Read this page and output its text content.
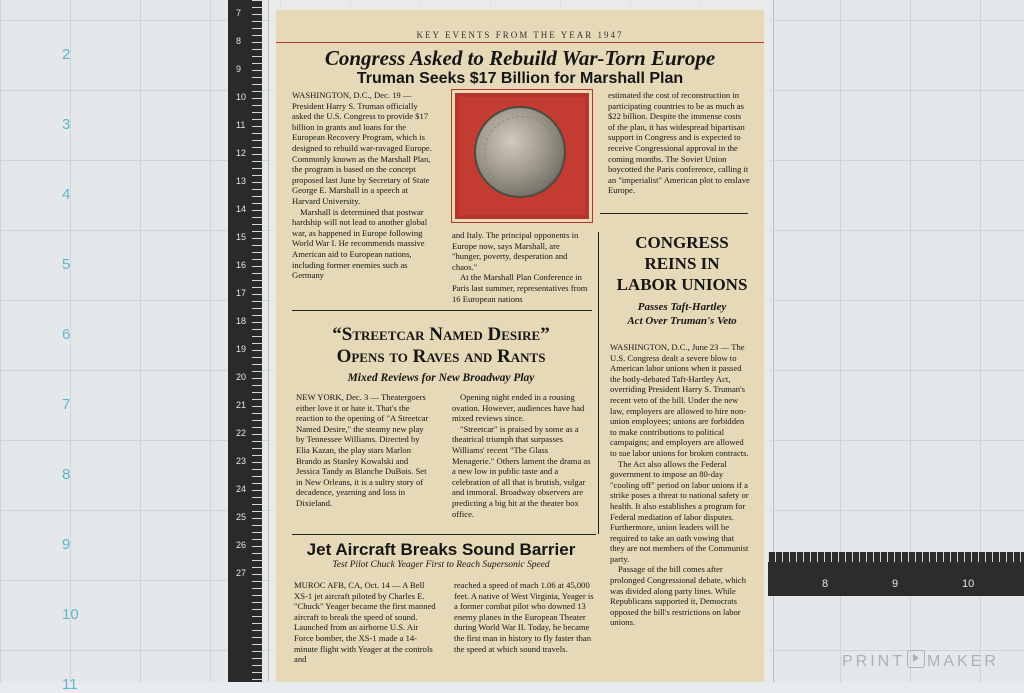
2
3
4
5
6
7
8
9
10
11
7
8
9
10
11
12
13
14
15
16
17
18
19
20
21
22
23
24
25
26
27
KEY EVENTS FROM THE YEAR 1947
Congress Asked to Rebuild War-Torn Europe
Truman Seeks $17 Billion for Marshall Plan

WASHINGTON, D.C., Dec. 19 — President Harry S. Truman officially asked the U.S. Congress to provide $17 billion in grants and loans for the European Recovery Program, which is designed to rebuild war-ravaged Europe. Commonly known as the Marshall Plan, the program is based on the concept proposed last June by Secretary of State George E. Marshall in a speech at Harvard University.

Marshall is determined that postwar hardship will not lead to another global war, as happened in Europe following World War I. He recommends massive American aid to European nations, including former enemies such as Germany

and Italy. The principal opponents in Europe now, says Marshall, are "hunger, poverty, desperation and chaos."

At the Marshall Plan Conference in Paris last summer, representatives from 16 European nations

estimated the cost of reconstruction in participating countries to be as much as $22 billion. Despite the immense costs of the plan, it has widespread bipartisan support in Congress and is expected to receive Congressional approval in the coming months. The Soviet Union boycotted the Paris conference, calling it an "imperialist" American plot to enslave Europe.

“Streetcar Named Desire”
Opens to Raves and Rants
Mixed Reviews for New Broadway Play

NEW YORK, Dec. 3 — Theatergoers either love it or hate it. That's the reaction to the opening of "A Streetcar Named Desire," the steamy new play by Tennessee Williams. Directed by Elia Kazan, the play stars Marlon Brando as Stanley Kowalski and Jessica Tandy as Blanche DuBois. Set in New Orleans, it is a sultry story of decadence, yearning and loss in Dixieland.

Opening night ended in a rousing ovation. However, audiences have had mixed reviews since.

"Streetcar" is praised by some as a theatrical triumph that surpasses Williams' recent "The Glass Menagerie." Others lament the drama as a new low in public taste and a celebration of all that is brutish, vulgar and immoral. Broadway observers are predicting a big hit at the theater box office.

CONGRESS
REINS IN
LABOR UNIONS
Passes Taft-Hartley
Act Over Truman's Veto

WASHINGTON, D.C., June 23 — The U.S. Congress dealt a severe blow to American labor unions when it passed the hotly-debated Taft-Hartley Act, overriding President Harry S. Truman's recent veto of the bill. Under the new law, employers are allowed to hire non-union employees; unions are forbidden to make contributions to political campaigns; and employers are allowed to sue labor unions for broken contracts.

The Act also allows the Federal government to impose an 80-day "cooling off" period on labor unions if a strike poses a threat to national safety or health. It also establishes a program for Federal mediation of labor disputes. Furthermore, union leaders will be required to take an oath vowing that they are not members of the Communist party.

Passage of the bill comes after prolonged Congressional debate, which was divided along party lines. While Republicans supported it, Democrats opposed the bill's restrictions on labor unions.

Jet Aircraft Breaks Sound Barrier
Test Pilot Chuck Yeager First to Reach Supersonic Speed

MUROC AFB, CA, Oct. 14 — A Bell XS-1 jet aircraft piloted by Charles E. "Chuck" Yeager became the first manned aircraft to break the speed of sound. Launched from an airborne U.S. Air Force bomber, the XS-1 made a 14-minute flight with Yeager at the controls and

reached a speed of mach 1.06 at 45,000 feet. A native of West Virginia, Yeager is a former combat pilot who downed 13 enemy planes in the European Theater during World War II. Today, he became the first man in history to fly faster than the speed at which sound travels.

8	9	10
PRINT MAKER
